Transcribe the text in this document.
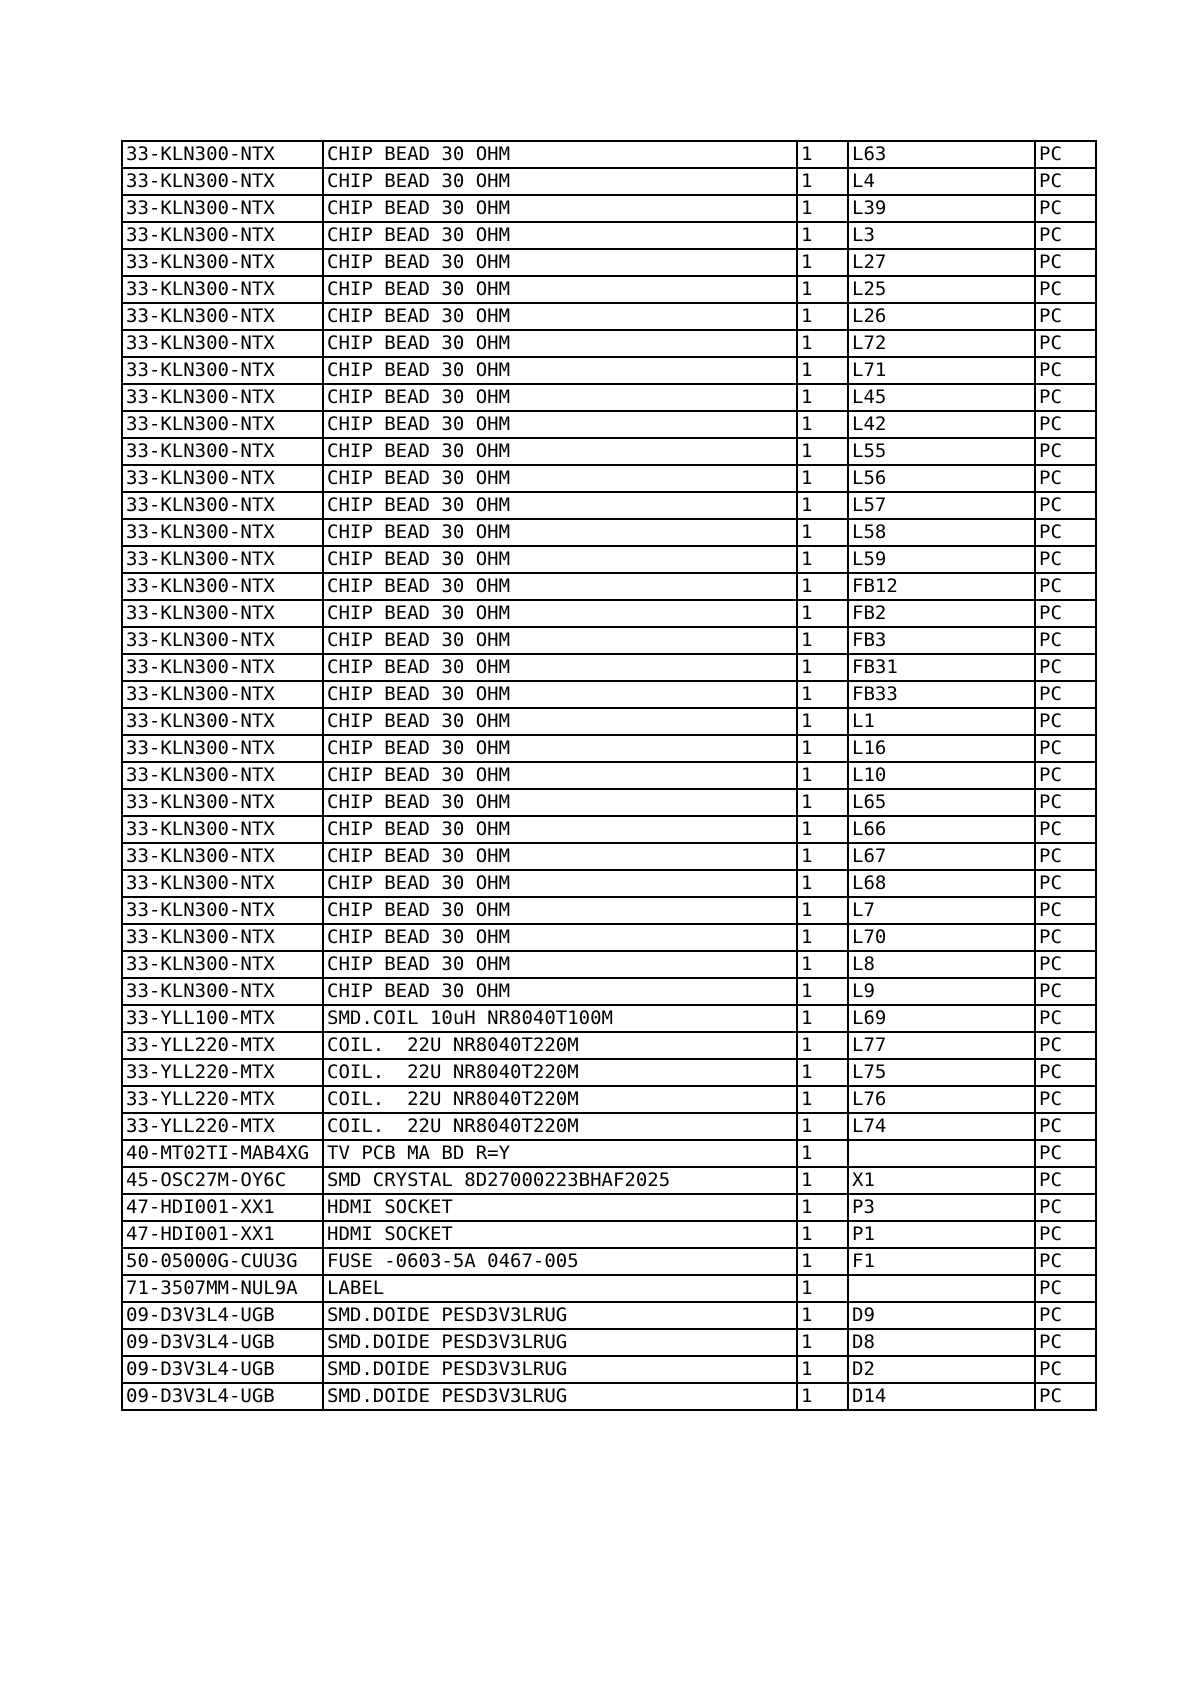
33-KLN300-NTX	CHIP BEAD 30 OHM	1	L63	PC
33-KLN300-NTX	CHIP BEAD 30 OHM	1	L4	PC
33-KLN300-NTX	CHIP BEAD 30 OHM	1	L39	PC
33-KLN300-NTX	CHIP BEAD 30 OHM	1	L3	PC
33-KLN300-NTX	CHIP BEAD 30 OHM	1	L27	PC
33-KLN300-NTX	CHIP BEAD 30 OHM	1	L25	PC
33-KLN300-NTX	CHIP BEAD 30 OHM	1	L26	PC
33-KLN300-NTX	CHIP BEAD 30 OHM	1	L72	PC
33-KLN300-NTX	CHIP BEAD 30 OHM	1	L71	PC
33-KLN300-NTX	CHIP BEAD 30 OHM	1	L45	PC
33-KLN300-NTX	CHIP BEAD 30 OHM	1	L42	PC
33-KLN300-NTX	CHIP BEAD 30 OHM	1	L55	PC
33-KLN300-NTX	CHIP BEAD 30 OHM	1	L56	PC
33-KLN300-NTX	CHIP BEAD 30 OHM	1	L57	PC
33-KLN300-NTX	CHIP BEAD 30 OHM	1	L58	PC
33-KLN300-NTX	CHIP BEAD 30 OHM	1	L59	PC
33-KLN300-NTX	CHIP BEAD 30 OHM	1	FB12	PC
33-KLN300-NTX	CHIP BEAD 30 OHM	1	FB2	PC
33-KLN300-NTX	CHIP BEAD 30 OHM	1	FB3	PC
33-KLN300-NTX	CHIP BEAD 30 OHM	1	FB31	PC
33-KLN300-NTX	CHIP BEAD 30 OHM	1	FB33	PC
33-KLN300-NTX	CHIP BEAD 30 OHM	1	L1	PC
33-KLN300-NTX	CHIP BEAD 30 OHM	1	L16	PC
33-KLN300-NTX	CHIP BEAD 30 OHM	1	L10	PC
33-KLN300-NTX	CHIP BEAD 30 OHM	1	L65	PC
33-KLN300-NTX	CHIP BEAD 30 OHM	1	L66	PC
33-KLN300-NTX	CHIP BEAD 30 OHM	1	L67	PC
33-KLN300-NTX	CHIP BEAD 30 OHM	1	L68	PC
33-KLN300-NTX	CHIP BEAD 30 OHM	1	L7	PC
33-KLN300-NTX	CHIP BEAD 30 OHM	1	L70	PC
33-KLN300-NTX	CHIP BEAD 30 OHM	1	L8	PC
33-KLN300-NTX	CHIP BEAD 30 OHM	1	L9	PC
33-YLL100-MTX	SMD.COIL 10uH NR8040T100M	1	L69	PC
33-YLL220-MTX	COIL.  22U NR8040T220M	1	L77	PC
33-YLL220-MTX	COIL.  22U NR8040T220M	1	L75	PC
33-YLL220-MTX	COIL.  22U NR8040T220M	1	L76	PC
33-YLL220-MTX	COIL.  22U NR8040T220M	1	L74	PC
40-MT02TI-MAB4XG	TV PCB MA BD R=Y	1		PC
45-OSC27M-OY6C	SMD CRYSTAL 8D27000223BHAF2025	1	X1	PC
47-HDI001-XX1	HDMI SOCKET	1	P3	PC
47-HDI001-XX1	HDMI SOCKET	1	P1	PC
50-05000G-CUU3G	FUSE -0603-5A 0467-005	1	F1	PC
71-3507MM-NUL9A	LABEL	1		PC
09-D3V3L4-UGB	SMD.DOIDE PESD3V3LRUG	1	D9	PC
09-D3V3L4-UGB	SMD.DOIDE PESD3V3LRUG	1	D8	PC
09-D3V3L4-UGB	SMD.DOIDE PESD3V3LRUG	1	D2	PC
09-D3V3L4-UGB	SMD.DOIDE PESD3V3LRUG	1	D14	PC
